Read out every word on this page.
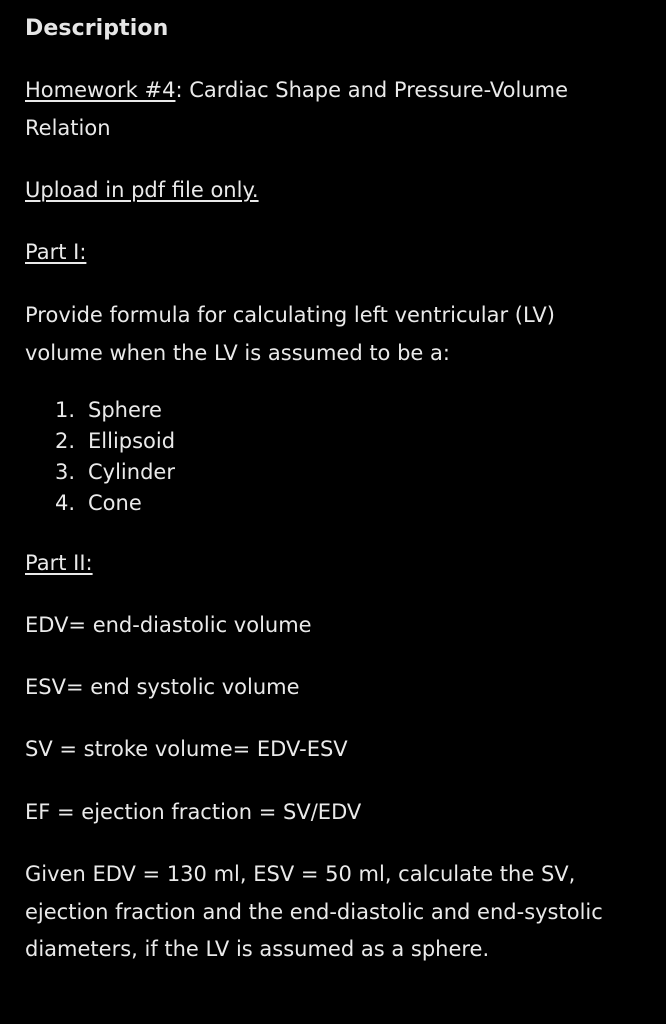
Description
Homework #4: Cardiac Shape and Pressure-Volume
Relation
Upload in pdf file only.
Part I:
Provide formula for calculating left ventricular (LV)
volume when the LV is assumed to be a:
1. Sphere
2. Ellipsoid
3. Cylinder
4. Cone
Part II:
EDV= end-diastolic volume
ESV= end systolic volume
SV = stroke volume= EDV-ESV
EF = ejection fraction = SV/EDV
Given EDV = 130 ml, ESV = 50 ml, calculate the SV,
ejection fraction and the end-diastolic and end-systolic
diameters, if the LV is assumed as a sphere.
